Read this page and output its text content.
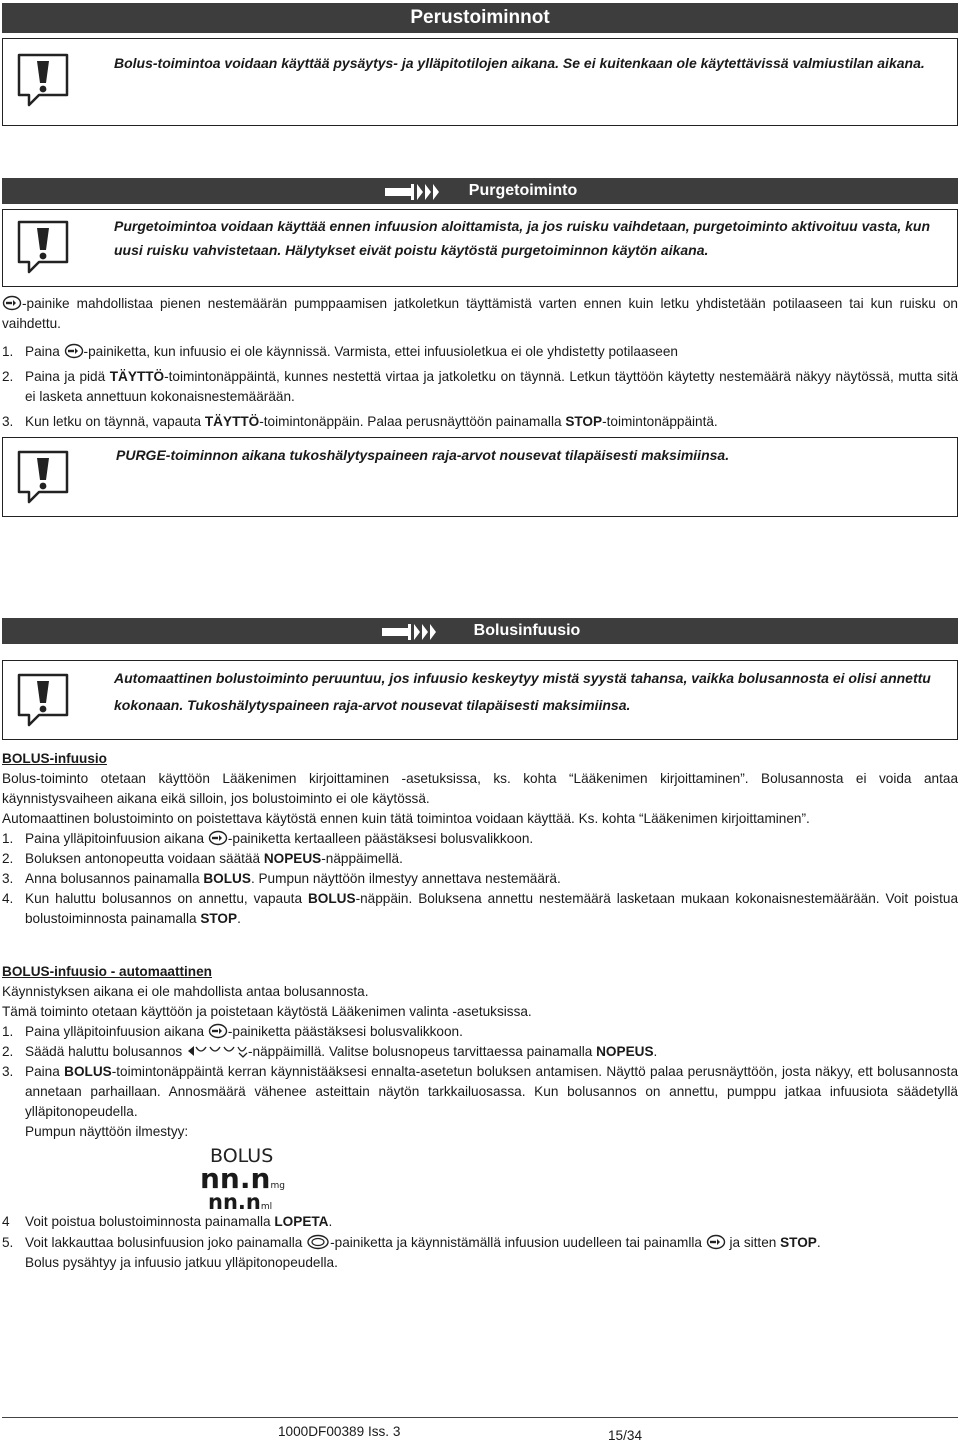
Perustoiminnot
Bolus-toimintoa voidaan käyttää pysäytys- ja ylläpitotilojen aikana. Se ei kuitenkaan ole käytettävissä valmiustilan aikana.
Purgetoiminto
Purgetoimintoa voidaan käyttää ennen infuusion aloittamista, ja jos ruisku vaihdetaan, purgetoiminto aktivoituu vasta, kun uusi ruisku vahvistetaan. Hälytykset eivät poistu käytöstä purgetoiminnon käytön aikana.
-painike mahdollistaa pienen nestemäärän pumppaamisen jatkoletkun täyttämistä varten ennen kuin letku yhdistetään potilaaseen tai kun ruisku on vaihdettu.
1. Paina -painiketta, kun infuusio ei ole käynnissä. Varmista, ettei infuusioletkua ei ole yhdistetty potilaaseen
2. Paina ja pidä TÄYTTÖ-toimintonäppäintä, kunnes nestettä virtaa ja jatkoletku on täynnä. Letkun täyttöön käytetty nestemäärä näkyy näytössä, mutta sitä ei lasketa annettuun kokonaisnestemäärään.
3. Kun letku on täynnä, vapauta TÄYTTÖ-toimintonäppäin. Palaa perusnäyttöön painamalla STOP-toimintonäppäintä.
PURGE-toiminnon aikana tukoshälytyspaineen raja-arvot nousevat tilapäisesti maksimiinsa.
Bolusinfuusio
Automaattinen bolustoiminto peruuntuu, jos infuusio keskeytyy mistä syystä tahansa, vaikka bolusannosta ei olisi annettu kokonaan. Tukoshälytyspaineen raja-arvot nousevat tilapäisesti maksimiinsa.
BOLUS-infuusio
Bolus-toiminto otetaan käyttöön Lääkenimen kirjoittaminen -asetuksissa, ks. kohta “Lääkenimen kirjoittaminen”. Bolusannosta ei voida antaa käynnistysvaiheen aikana eikä silloin, jos bolustoiminto ei ole käytössä.
Automaattinen bolustoiminto on poistettava käytöstä ennen kuin tätä toimintoa voidaan käyttää. Ks. kohta “Lääkenimen kirjoittaminen”.
1. Paina ylläpitoinfuusion aikana -painiketta kertaalleen päästäksesi bolusvalikkoon.
2. Boluksen antonopeutta voidaan säätää NOPEUS-näppäimellä.
3. Anna bolusannos painamalla BOLUS. Pumpun näyttöön ilmestyy annettava nestemäärä.
4. Kun haluttu bolusannos on annettu, vapauta BOLUS-näppäin. Boluksena annettu nestemäärä lasketaan mukaan kokonaisnestemäärään. Voit poistua bolustoiminnosta painamalla STOP.
BOLUS-infuusio - automaattinen
Käynnistyksen aikana ei ole mahdollista antaa bolusannosta.
Tämä toiminto otetaan käyttöön ja poistetaan käytöstä Lääkenimen valinta -asetuksissa.
1. Paina ylläpitoinfuusion aikana -painiketta päästäksesi bolusvalikkoon.
2. Säädä haluttu bolusannos	-näppäimillä. Valitse bolusnopeus tarvittaessa painamalla NOPEUS.
3. Paina BOLUS-toimintonäppäintä kerran käynnistääksesi ennalta-asetetun boluksen antamisen. Näyttö palaa perusnäyttöön, josta näkyy, ett bolusannosta annetaan parhaillaan. Annosmäärä vähenee asteittain näytön tarkkailuosassa. Kun bolusannos on annettu, pumppu jatkaa infuusiota säädetyllä ylläpitonopeudella.
Pumpun näyttöön ilmestyy:
BOLUS
nn.nmg
nn.nml
4	Voit poistua bolustoiminnosta painamalla LOPETA.
5. Voit lakkauttaa bolusinfuusion joko painamalla -painiketta ja käynnistämällä infuusion uudelleen tai painamlla  ja sitten STOP.
Bolus pysähtyy ja infuusio jatkuu ylläpitonopeudella.
1000DF00389 Iss. 3	15/34
